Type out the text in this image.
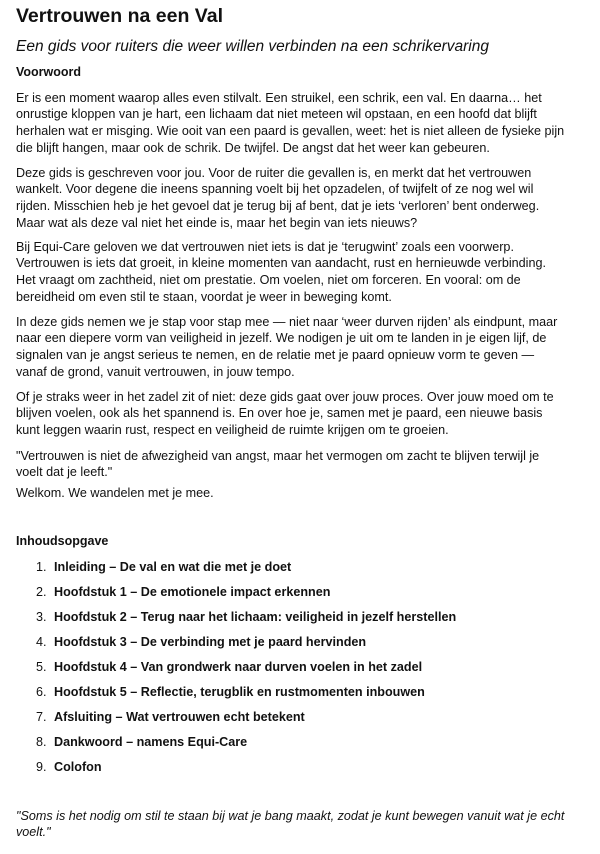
Vertrouwen na een Val
Een gids voor ruiters die weer willen verbinden na een schrikervaring
Voorwoord
Er is een moment waarop alles even stilvalt. Een struikel, een schrik, een val. En daarna… het
onrustige kloppen van je hart, een lichaam dat niet meteen wil opstaan, en een hoofd dat blijft
herhalen wat er misging. Wie ooit van een paard is gevallen, weet: het is niet alleen de fysieke pijn
die blijft hangen, maar ook de schrik. De twijfel. De angst dat het weer kan gebeuren.
Deze gids is geschreven voor jou. Voor de ruiter die gevallen is, en merkt dat het vertrouwen
wankelt. Voor degene die ineens spanning voelt bij het opzadelen, of twijfelt of ze nog wel wil
rijden. Misschien heb je het gevoel dat je terug bij af bent, dat je iets ‘verloren’ bent onderweg.
Maar wat als deze val niet het einde is, maar het begin van iets nieuws?
Bij Equi-Care geloven we dat vertrouwen niet iets is dat je ‘terugwint’ zoals een voorwerp.
Vertrouwen is iets dat groeit, in kleine momenten van aandacht, rust en hernieuwde verbinding.
Het vraagt om zachtheid, niet om prestatie. Om voelen, niet om forceren. En vooral: om de
bereidheid om even stil te staan, voordat je weer in beweging komt.
In deze gids nemen we je stap voor stap mee — niet naar ‘weer durven rijden’ als eindpunt, maar
naar een diepere vorm van veiligheid in jezelf. We nodigen je uit om te landen in je eigen lijf, de
signalen van je angst serieus te nemen, en de relatie met je paard opnieuw vorm te geven —
vanaf de grond, vanuit vertrouwen, in jouw tempo.
Of je straks weer in het zadel zit of niet: deze gids gaat over jouw proces. Over jouw moed om te
blijven voelen, ook als het spannend is. En over hoe je, samen met je paard, een nieuwe basis
kunt leggen waarin rust, respect en veiligheid de ruimte krijgen om te groeien.
"Vertrouwen is niet de afwezigheid van angst, maar het vermogen om zacht te blijven terwijl je
voelt dat je leeft."
Welkom. We wandelen met je mee.
Inhoudsopgave
1. Inleiding – De val en wat die met je doet
2. Hoofdstuk 1 – De emotionele impact erkennen
3. Hoofdstuk 2 – Terug naar het lichaam: veiligheid in jezelf herstellen
4. Hoofdstuk 3 – De verbinding met je paard hervinden
5. Hoofdstuk 4 – Van grondwerk naar durven voelen in het zadel
6. Hoofdstuk 5 – Reflectie, terugblik en rustmomenten inbouwen
7. Afsluiting – Wat vertrouwen echt betekent
8. Dankwoord – namens Equi-Care
9. Colofon
"Soms is het nodig om stil te staan bij wat je bang maakt, zodat je kunt bewegen vanuit wat je echt
voelt."
